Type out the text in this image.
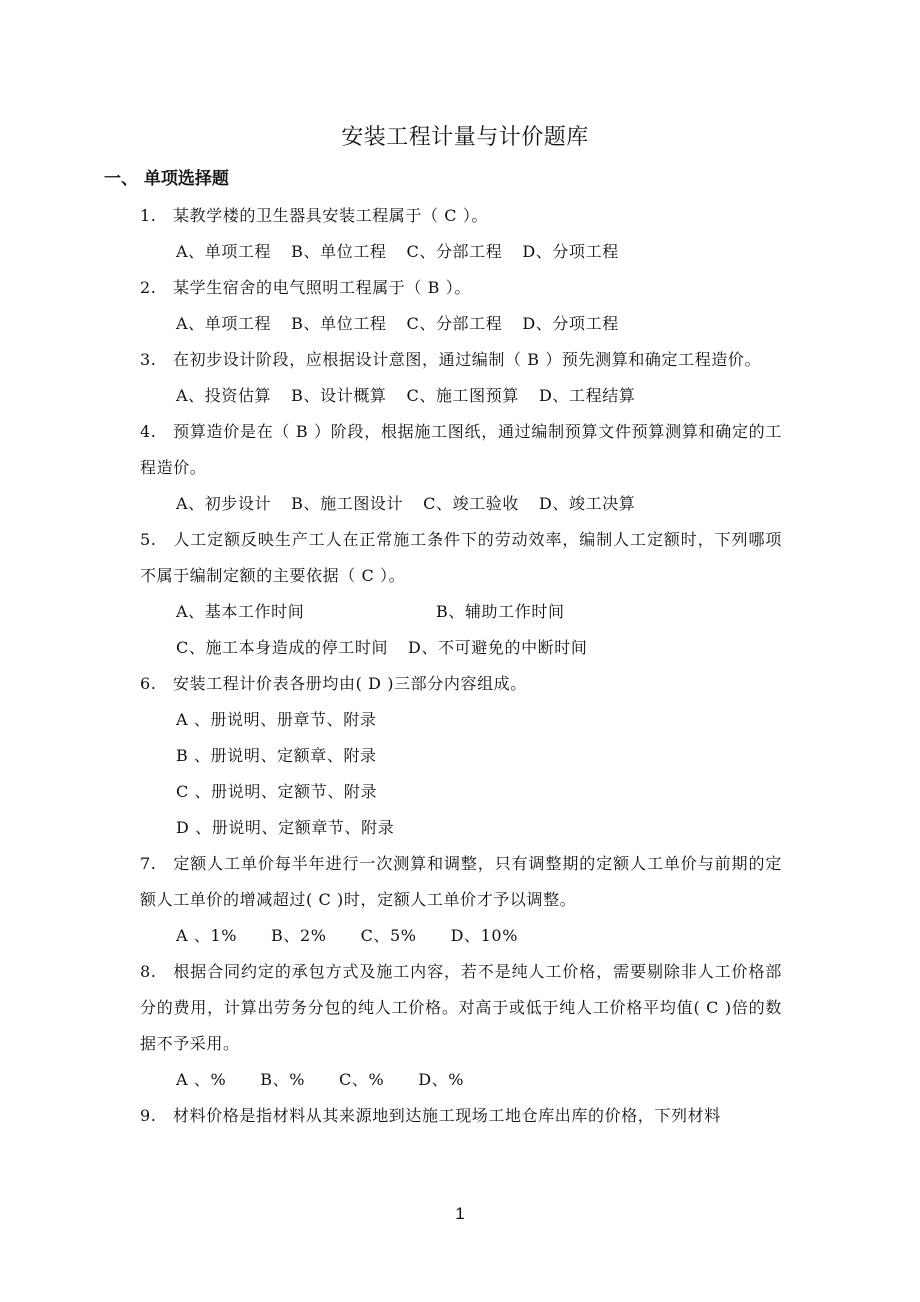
安装工程计量与计价题库
一、 单项选择题

1. 某教学楼的卫生器具安装工程属于（ C ）。

A、单项工程 B、单位工程 C、分部工程 D、分项工程

2. 某学生宿舍的电气照明工程属于（ B ）。

A、单项工程 B、单位工程 C、分部工程 D、分项工程

3. 在初步设计阶段，应根据设计意图，通过编制（ B ）预先测算和确定工程造价。

A、投资估算 B、设计概算 C、施工图预算 D、工程结算

4. 预算造价是在（ B ）阶段，根据施工图纸，通过编制预算文件预算测算和确定的工程造价。

A、初步设计 B、施工图设计 C、竣工验收 D、竣工决算

5. 人工定额反映生产工人在正常施工条件下的劳动效率，编制人工定额时，下列哪项不属于编制定额的主要依据（ C ）。

A、基本工作时间	B、辅助工作时间
C、施工本身造成的停工时间 D、不可避免的中断时间

6. 安装工程计价表各册均由( D )三部分内容组成。

A 、册说明、册章节、附录
B 、册说明、定额章、附录
C 、册说明、定额节、附录
D 、册说明、定额章节、附录

7. 定额人工单价每半年进行一次测算和调整，只有调整期的定额人工单价与前期的定额人工单价的增减超过( C )时，定额人工单价才予以调整。

A 、1% B、2% C、5% D、10%

8. 根据合同约定的承包方式及施工内容，若不是纯人工价格，需要剔除非人工价格部分的费用，计算出劳务分包的纯人工价格。对高于或低于纯人工价格平均值( C )倍的数据不予采用。

A 、% B、% C、% D、%

9. 材料价格是指材料从其来源地到达施工现场工地仓库出库的价格，下列材料

1
